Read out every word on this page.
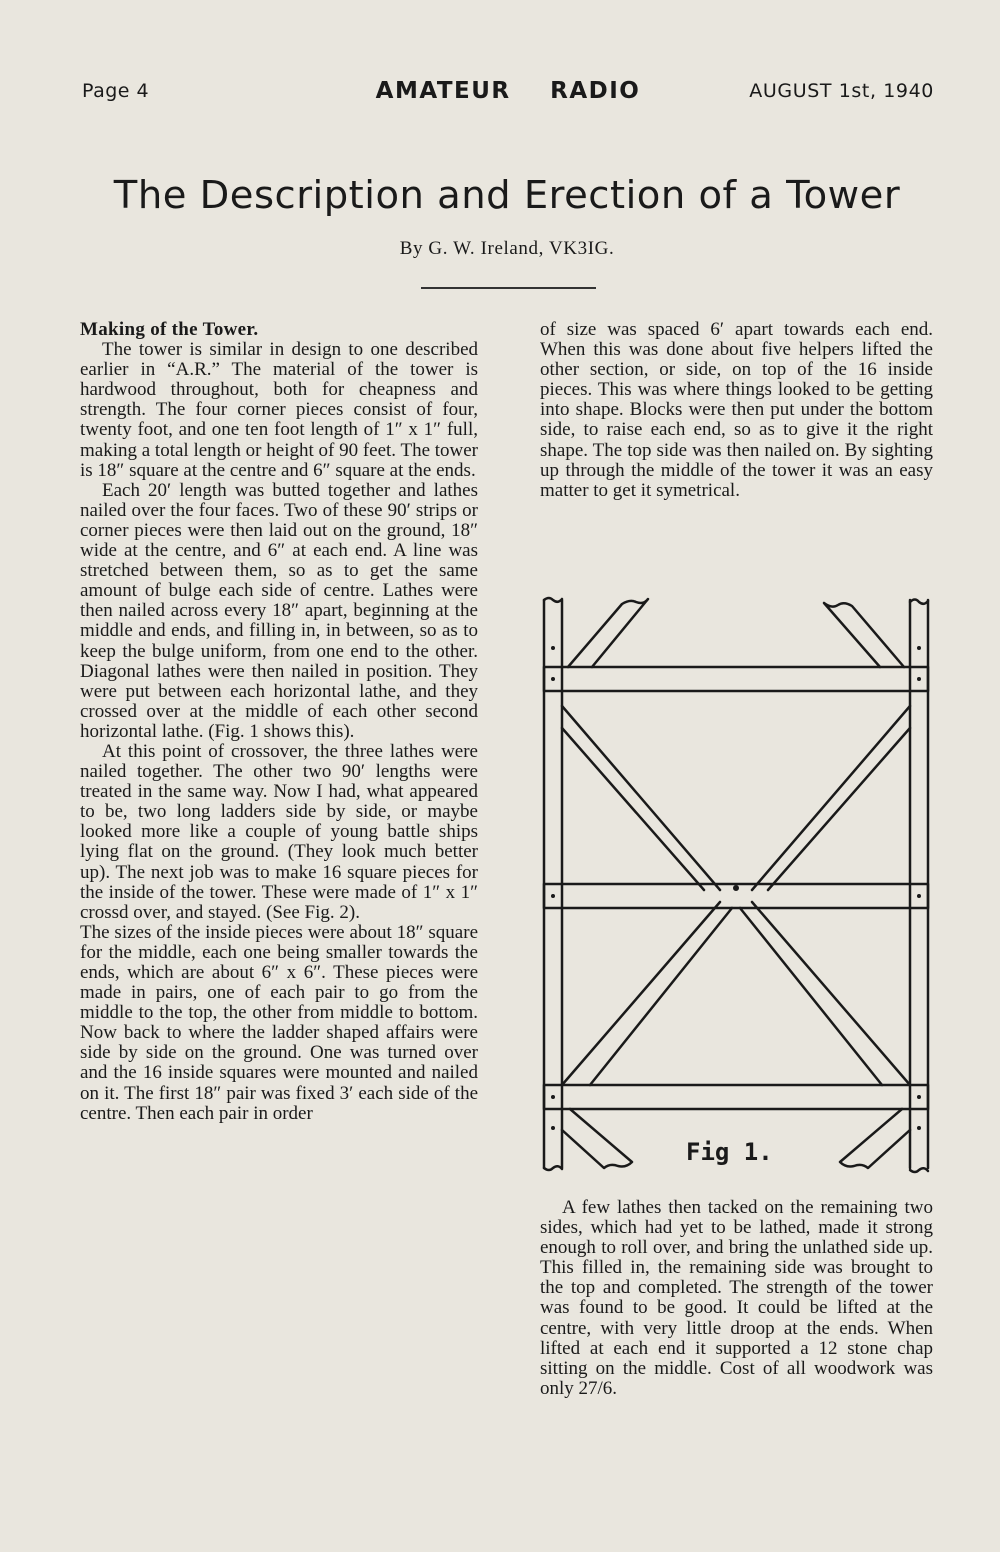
Page 4	AMATEUR RADIO	AUGUST 1st, 1940
The Description and Erection of a Tower
By G. W. Ireland, VK3IG.
Making of the Tower.

The tower is similar in design to one described earlier in “A.R.” The material of the tower is hardwood throughout, both for cheapness and strength. The four corner pieces consist of four, twenty foot, and one ten foot length of 1″ x 1″ full, making a total length or height of 90 feet. The tower is 18″ square at the centre and 6″ square at the ends.

Each 20′ length was butted together and lathes nailed over the four faces. Two of these 90′ strips or corner pieces were then laid out on the ground, 18″ wide at the centre, and 6″ at each end. A line was stretched between them, so as to get the same amount of bulge each side of centre. Lathes were then nailed across every 18″ apart, beginning at the middle and ends, and filling in, in between, so as to keep the bulge uniform, from one end to the other. Diagonal lathes were then nailed in position. They were put between each horizontal lathe, and they crossed over at the middle of each other second horizontal lathe. (Fig. 1 shows this).

At this point of crossover, the three lathes were nailed together. The other two 90′ lengths were treated in the same way. Now I had, what appeared to be, two long ladders side by side, or maybe looked more like a couple of young battle ships lying flat on the ground. (They look much better up). The next job was to make 16 square pieces for the inside of the tower. These were made of 1″ x 1″ crossd over, and stayed. (See Fig. 2).

The sizes of the inside pieces were about 18″ square for the middle, each one being smaller towards the ends, which are about 6″ x 6″. These pieces were made in pairs, one of each pair to go from the middle to the top, the other from middle to bottom. Now back to where the ladder shaped affairs were side by side on the ground. One was turned over and the 16 inside squares were mounted and nailed on it. The first 18″ pair was fixed 3′ each side of the centre. Then each pair in order

of size was spaced 6′ apart towards each end. When this was done about five helpers lifted the other section, or side, on top of the 16 inside pieces. This was where things looked to be getting into shape. Blocks were then put under the bottom side, to raise each end, so as to give it the right shape. The top side was then nailed on. By sighting up through the middle of the tower it was an easy matter to get it symetrical.

Fig 1.

A few lathes then tacked on the remaining two sides, which had yet to be lathed, made it strong enough to roll over, and bring the unlathed side up. This filled in, the remaining side was brought to the top and completed. The strength of the tower was found to be good. It could be lifted at the centre, with very little droop at the ends. When lifted at each end it supported a 12 stone chap sitting on the middle. Cost of all woodwork was only 27/6.
